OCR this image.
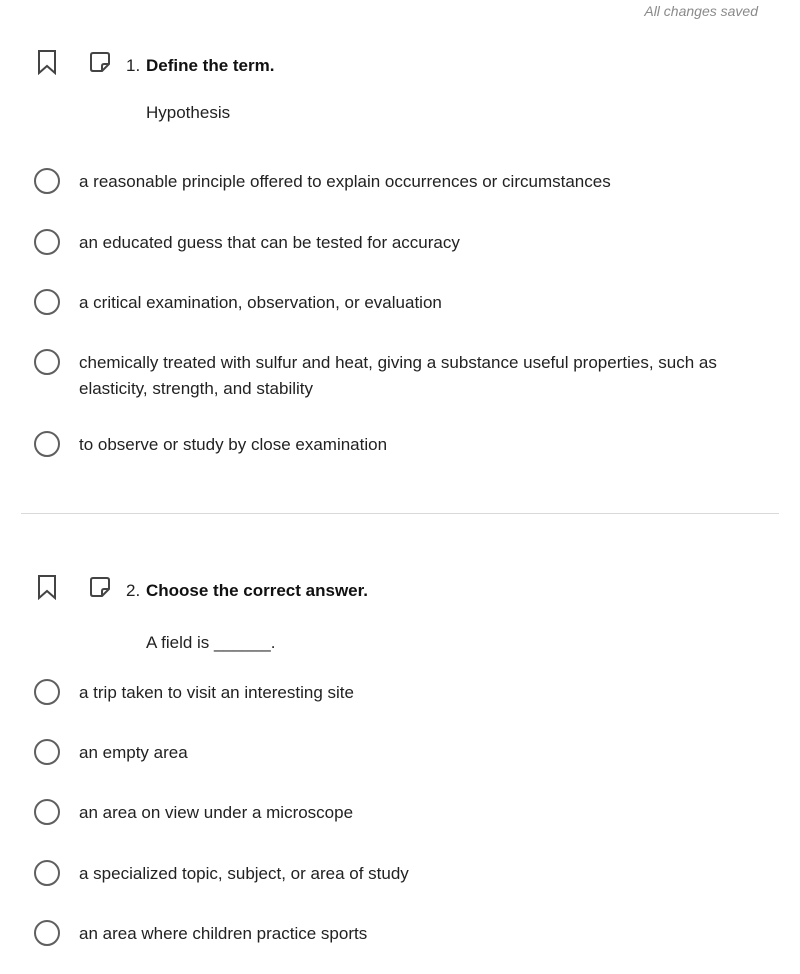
All changes saved
1. Define the term.
Hypothesis
a reasonable principle offered to explain occurrences or circumstances
an educated guess that can be tested for accuracy
a critical examination, observation, or evaluation
chemically treated with sulfur and heat, giving a substance useful properties, such as elasticity, strength, and stability
to observe or study by close examination
2. Choose the correct answer.
A field is ______.
a trip taken to visit an interesting site
an empty area
an area on view under a microscope
a specialized topic, subject, or area of study
an area where children practice sports
